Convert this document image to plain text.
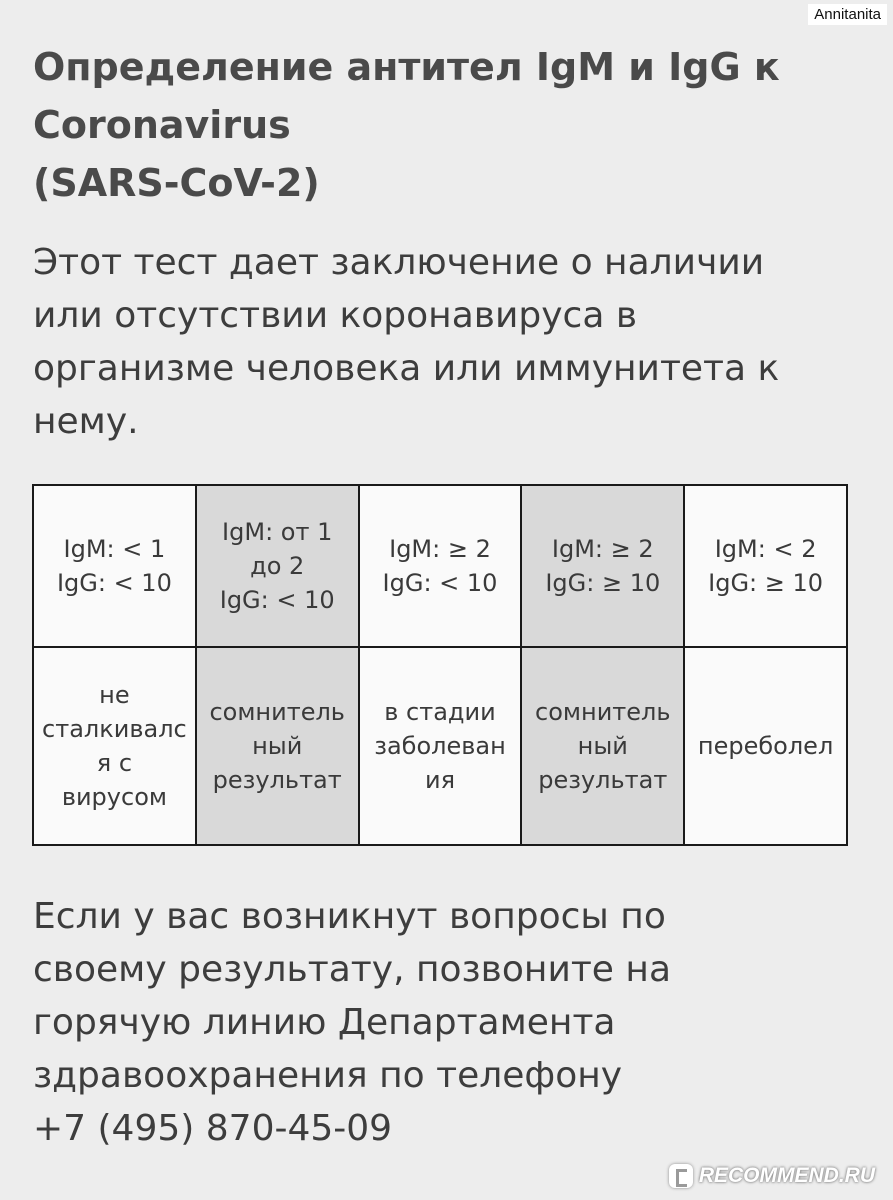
Annitanita
Определение антител IgM и IgG к
Coronavirus
(SARS-CoV-2)

Этот тест дает заключение о наличии
или отсутствии коронавируса в
организме человека или иммунитета к
нему.

IgM: < 1
IgG: < 10	IgM: от 1
до 2
IgG: < 10	IgM: ≥ 2
IgG: < 10	IgM: ≥ 2
IgG: ≥ 10	IgM: < 2
IgG: ≥ 10

не
сталкивалс
я с
вирусом	сомнитель
ный
результат	в стадии
заболеван
ия	сомнитель
ный
результат	переболел

Если у вас возникнут вопросы по
своему результату, позвоните на
горячую линию Департамента
здравоохранения по телефону
+7 (495) 870-45-09

RECOMMEND.RU
